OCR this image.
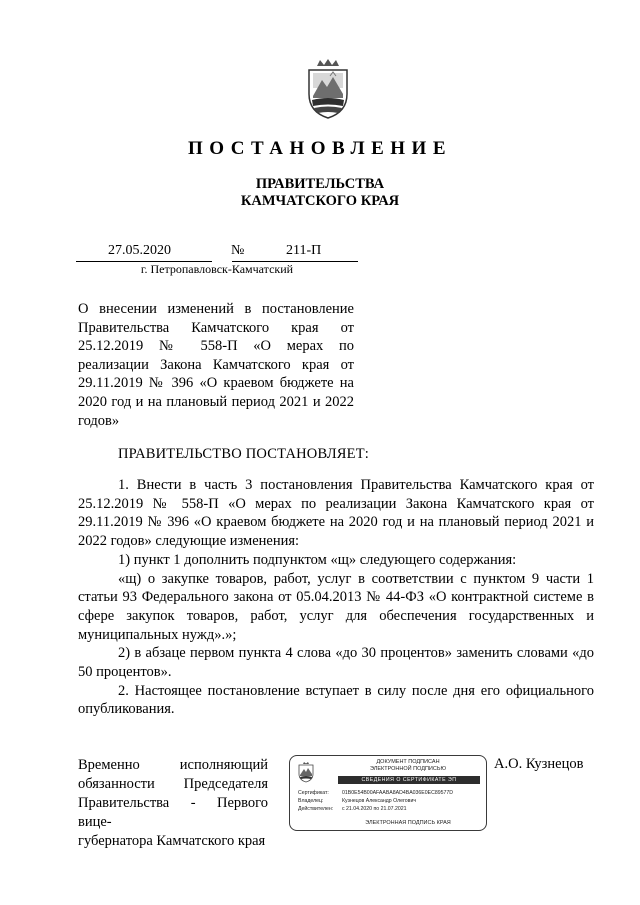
ПОСТАНОВЛЕНИЕ
ПРАВИТЕЛЬСТВА
КАМЧАТСКОГО КРАЯ
27.05.2020	№	211-П
г. Петропавловск-Камчатский
О внесении изменений в постановление Правительства Камчатского края от 25.12.2019 № 558-П «О мерах по реализации Закона Камчатского края от 29.11.2019 № 396 «О краевом бюджете на 2020 год и на плановый период 2021 и 2022 годов»
ПРАВИТЕЛЬСТВО ПОСТАНОВЛЯЕТ:

1. Внести в часть 3 постановления Правительства Камчатского края от 25.12.2019 № 558-П «О мерах по реализации Закона Камчатского края от 29.11.2019 № 396 «О краевом бюджете на 2020 год и на плановый период 2021 и 2022 годов» следующие изменения:

1) пункт 1 дополнить подпунктом «щ» следующего содержания:

«щ) о закупке товаров, работ, услуг в соответствии с пунктом 9 части 1 статьи 93 Федерального закона от 05.04.2013 № 44-ФЗ «О контрактной системе в сфере закупок товаров, работ, услуг для обеспечения государственных и муниципальных нужд».»;

2) в абзаце первом пункта 4 слова «до 30 процентов» заменить словами «до 50 процентов».

2. Настоящее постановление вступает в силу после дня его официального опубликования.

Временно исполняющий
обязанности Председателя
Правительства - Первого вице-
губернатора Камчатского края
ДОКУМЕНТ ПОДПИСАН
ЭЛЕКТРОННОЙ ПОДПИСЬЮ
СВЕДЕНИЯ О СЕРТИФИКАТЕ ЭП
Сертификат:	01B0E54B00AFAABA8AD4BA036E0EC89577D
Владелец:	Кузнецов Александр Олегович
Действителен: с 21.04.2020 по 21.07.2021
ЭЛЕКТРОННАЯ ПОДПИСЬ КРАЯ
А.О. Кузнецов
